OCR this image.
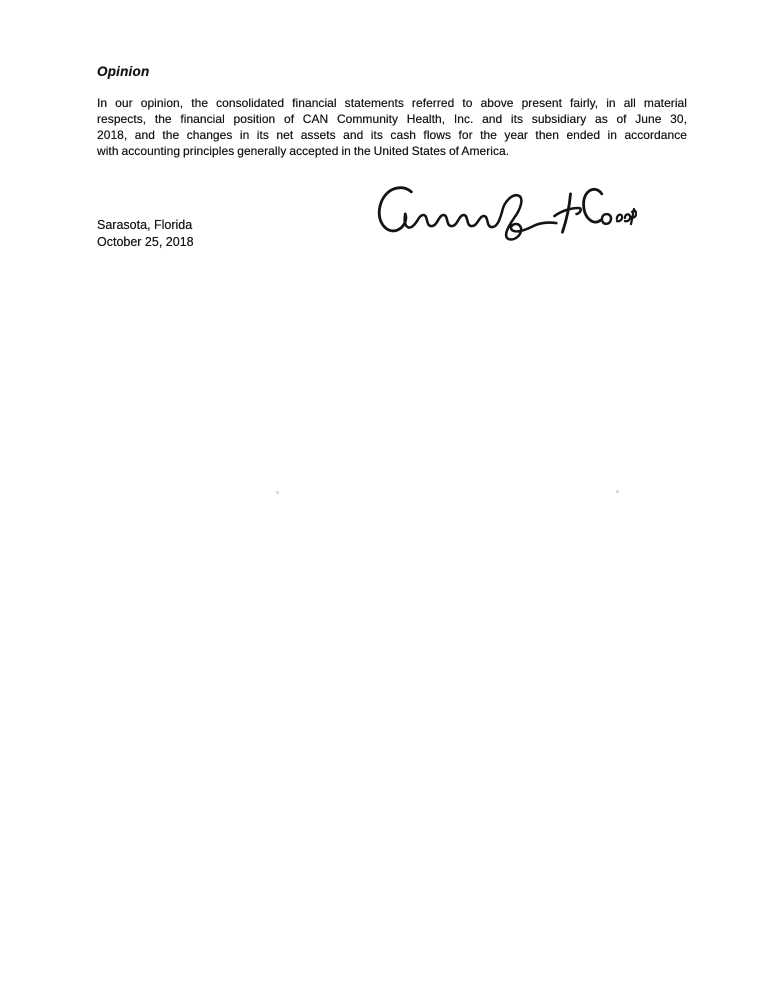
Opinion
In our opinion, the consolidated financial statements referred to above present fairly, in all material
respects, the financial position of CAN Community Health, Inc. and its subsidiary as of June 30,
2018, and the changes in its net assets and its cash flows for the year then ended in accordance
with accounting principles generally accepted in the United States of America.
Sarasota, Florida
October 25, 2018
